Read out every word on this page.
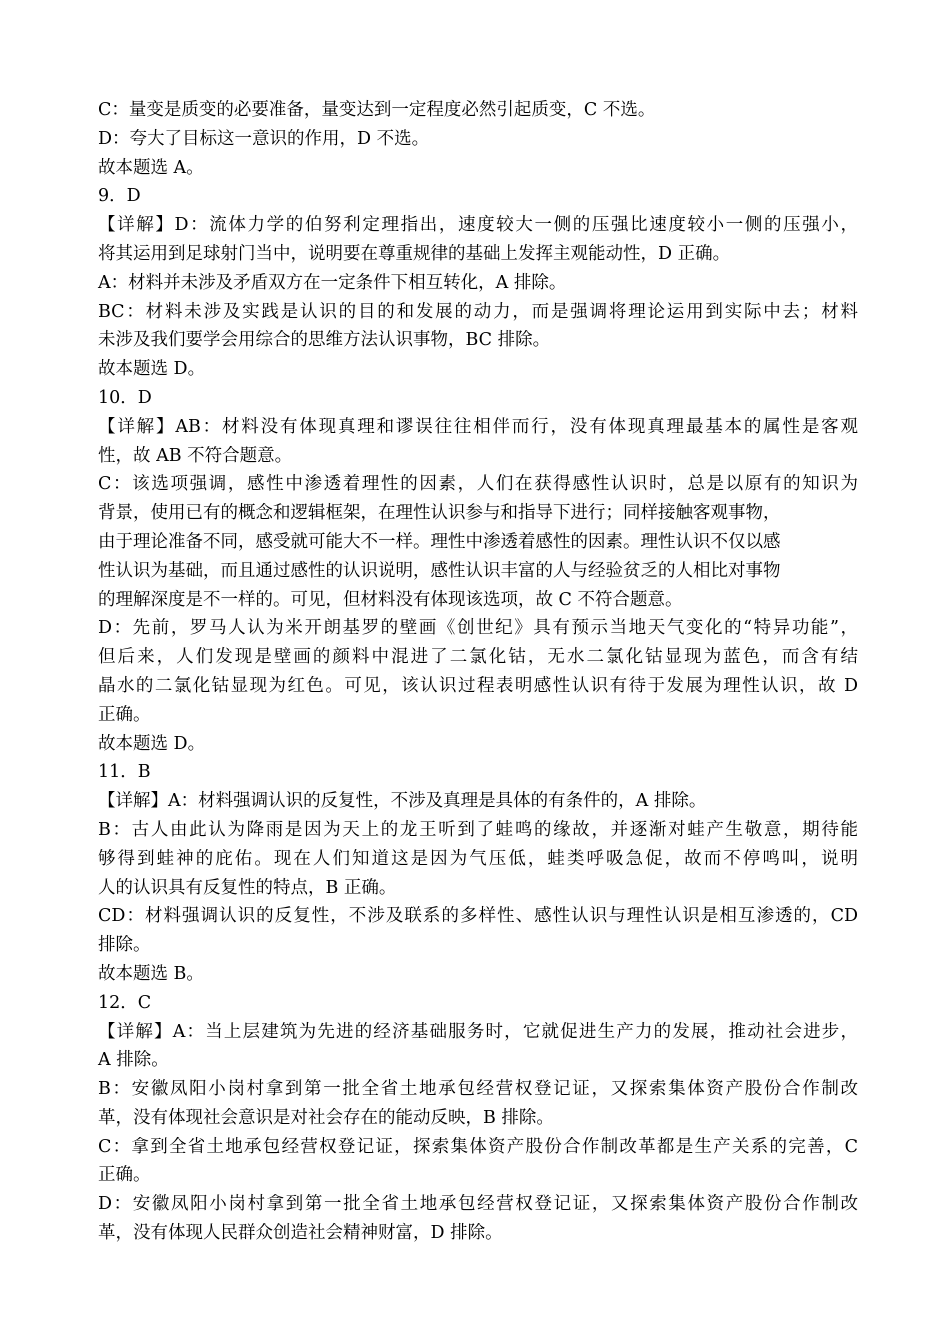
C：量变是质变的必要准备，量变达到一定程度必然引起质变，C 不选。
D：夸大了目标这一意识的作用，D 不选。
故本题选 A。
9．D
【详解】D：流体力学的伯努利定理指出，速度较大一侧的压强比速度较小一侧的压强小，
将其运用到足球射门当中，说明要在尊重规律的基础上发挥主观能动性，D 正确。
A：材料并未涉及矛盾双方在一定条件下相互转化，A 排除。
BC：材料未涉及实践是认识的目的和发展的动力，而是强调将理论运用到实际中去；材料
未涉及我们要学会用综合的思维方法认识事物，BC 排除。
故本题选 D。
10．D
【详解】AB：材料没有体现真理和谬误往往相伴而行，没有体现真理最基本的属性是客观
性，故 AB 不符合题意。
C：该选项强调，感性中渗透着理性的因素，人们在获得感性认识时，总是以原有的知识为
背景，使用已有的概念和逻辑框架，在理性认识参与和指导下进行；同样接触客观事物，
由于理论准备不同，感受就可能大不一样。理性中渗透着感性的因素。理性认识不仅以感
性认识为基础，而且通过感性的认识说明，感性认识丰富的人与经验贫乏的人相比对事物
的理解深度是不一样的。可见，但材料没有体现该选项，故 C 不符合题意。
D：先前，罗马人认为米开朗基罗的壁画《创世纪》具有预示当地天气变化的“特异功能”，
但后来，人们发现是壁画的颜料中混进了二氯化钴，无水二氯化钴显现为蓝色，而含有结
晶水的二氯化钴显现为红色。可见，该认识过程表明感性认识有待于发展为理性认识，故 D
正确。
故本题选 D。
11．B
【详解】A：材料强调认识的反复性，不涉及真理是具体的有条件的，A 排除。
B：古人由此认为降雨是因为天上的龙王听到了蛙鸣的缘故，并逐渐对蛙产生敬意，期待能
够得到蛙神的庇佑。现在人们知道这是因为气压低，蛙类呼吸急促，故而不停鸣叫，说明
人的认识具有反复性的特点，B 正确。
CD：材料强调认识的反复性，不涉及联系的多样性、感性认识与理性认识是相互渗透的，CD
排除。
故本题选 B。
12．C
【详解】A：当上层建筑为先进的经济基础服务时，它就促进生产力的发展，推动社会进步，
A 排除。
B：安徽凤阳小岗村拿到第一批全省土地承包经营权登记证，又探索集体资产股份合作制改
革，没有体现社会意识是对社会存在的能动反映，B 排除。
C：拿到全省土地承包经营权登记证，探索集体资产股份合作制改革都是生产关系的完善，C
正确。
D：安徽凤阳小岗村拿到第一批全省土地承包经营权登记证，又探索集体资产股份合作制改
革，没有体现人民群众创造社会精神财富，D 排除。
